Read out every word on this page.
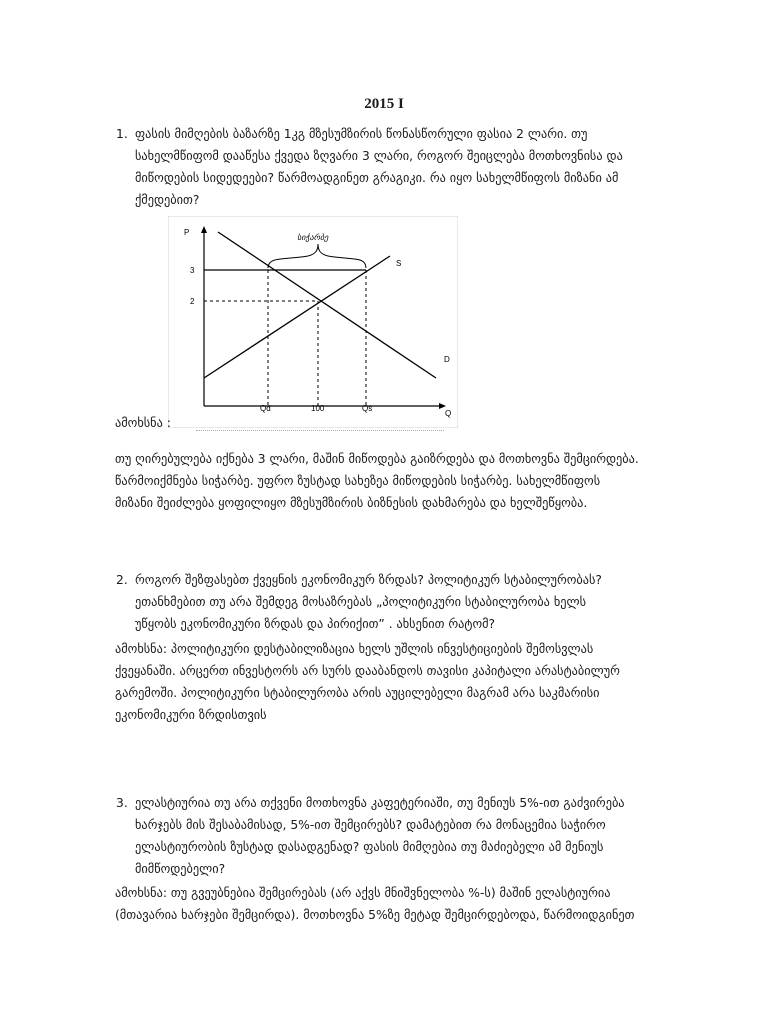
2015 I
1. ფასის მიმღების ბაზარზე 1კგ მზესუმზირის წონასწორული ფასია 2 ლარი. თუ
სახელმწიფომ დააწესა ქვედა ზღვარი 3 ლარი, როგორ შეიცლება მოთხოვნისა და
მიწოდების სიდედეები? წარმოადგინეთ გრაგიკი. რა იყო სახელმწიფოს მიზანი ამ
ქმედებით?
P
Q
3
2
Qd	100	Qs
S
D
სიჭარბე
ამოხსნა :
თუ ღირებულება იქნება 3 ლარი, მაშინ მიწოდება გაიზრდება და მოთხოვნა შემცირდება.
წარმოიქმნება სიჭარბე. უფრო ზუსტად სახეზეა მიწოდების სიჭარბე. სახელმწიფოს
მიზანი შეიძლება ყოფილიყო მზესუმზირის ბიზნესის დახმარება და ხელშეწყობა.
2. როგორ შეზფასებთ ქვეყნის ეკონომიკურ ზრდას? პოლიტიკურ სტაბილურობას?
ეთანხმებით თუ არა შემდეგ მოსაზრებას „პოლიტიკური სტაბილურობა ხელს
უწყობს ეკონომიკური ზრდას და პირიქით” . ახსენით რატომ?
ამოხსნა: პოლიტიკური დესტაბილიზაცია ხელს უშლის ინვესტიციების შემოსვლას
ქვეყანაში. არცერთ ინვესტორს არ სურს დააბანდოს თავისი კაპიტალი არასტაბილურ
გარემოში. პოლიტიკური სტაბილურობა არის აუცილებელი მაგრამ არა საკმარისი
ეკონომიკური ზრდისთვის
3. ელასტიურია თუ არა თქვენი მოთხოვნა კაფეტერიაში, თუ მენიუს 5%-ით გაძვირება
ხარჯებს მის შესაბამისად, 5%-ით შემცირებს? დამატებით რა მონაცემია საჭირო
ელასტიურობის ზუსტად დასადგენად? ფასის მიმღებია თუ მაძიებელი ამ მენიუს
მიმწოდებელი?
ამოხსნა: თუ გვეუბნებია შემცირებას (არ აქვს მნიშვნელობა %-ს) მაშინ ელასტიურია
(მთავარია ხარჯები შემცირდა). მოთხოვნა 5%ზე მეტად შემცირდებოდა, წარმოიდგინეთ
